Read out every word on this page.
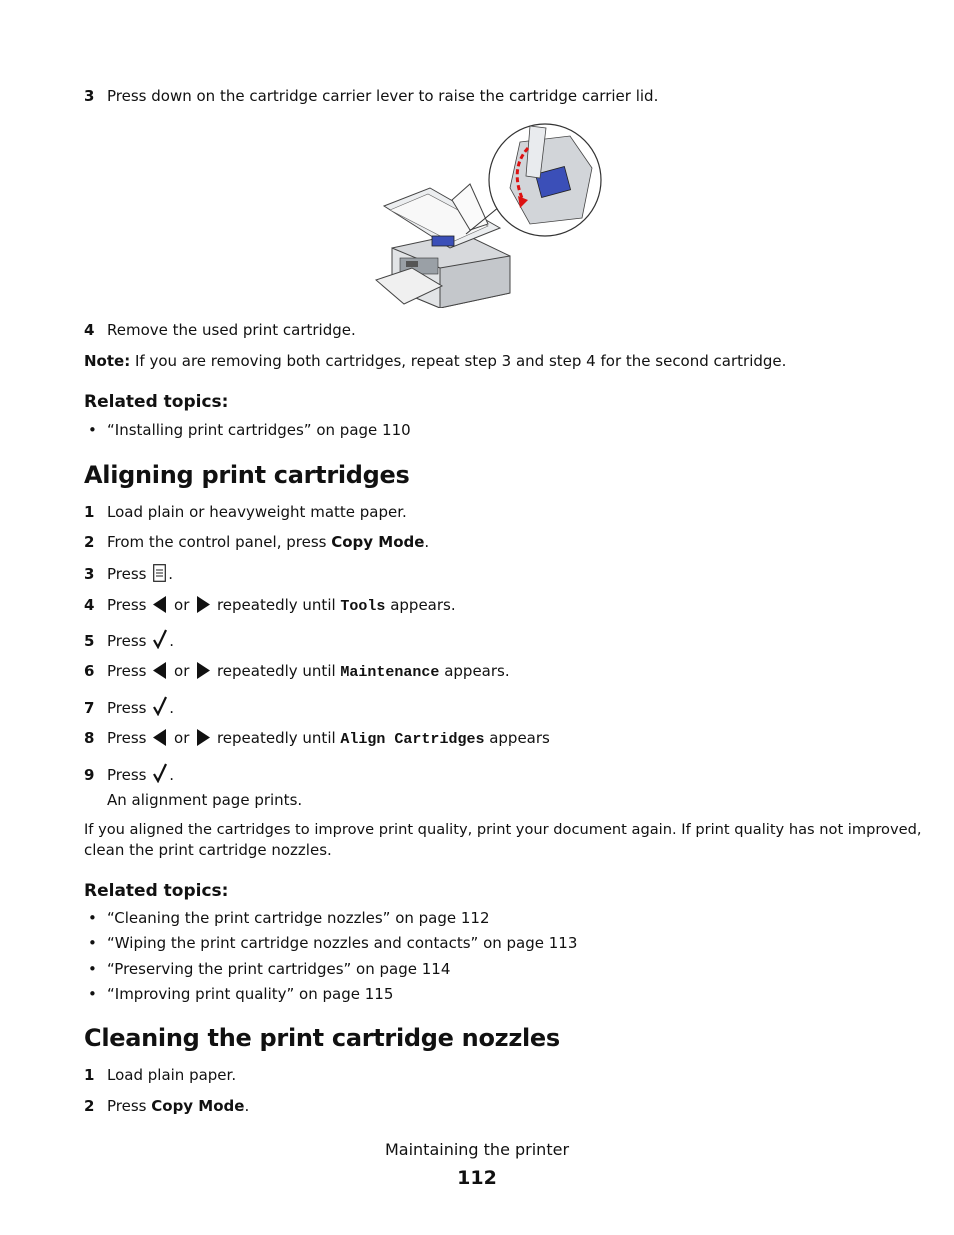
3 Press down on the cartridge carrier lever to raise the cartridge carrier lid.
4 Remove the used print cartridge.
Note: If you are removing both cartridges, repeat step 3 and step 4 for the second cartridge.
Related topics:
• “Installing print cartridges” on page 110
Aligning print cartridges
1 Load plain or heavyweight matte paper.
2 From the control panel, press Copy Mode.
3 Press .
4 Press or repeatedly until Tools appears.
5 Press .
6 Press or repeatedly until Maintenance appears.
7 Press .
8 Press or repeatedly until Align Cartridges appears
9 Press .
An alignment page prints.
If you aligned the cartridges to improve print quality, print your document again. If print quality has not improved,
clean the print cartridge nozzles.
Related topics:
• “Cleaning the print cartridge nozzles” on page 112
• “Wiping the print cartridge nozzles and contacts” on page 113
• “Preserving the print cartridges” on page 114
• “Improving print quality” on page 115
Cleaning the print cartridge nozzles
1 Load plain paper.
2 Press Copy Mode.
Maintaining the printer
112
